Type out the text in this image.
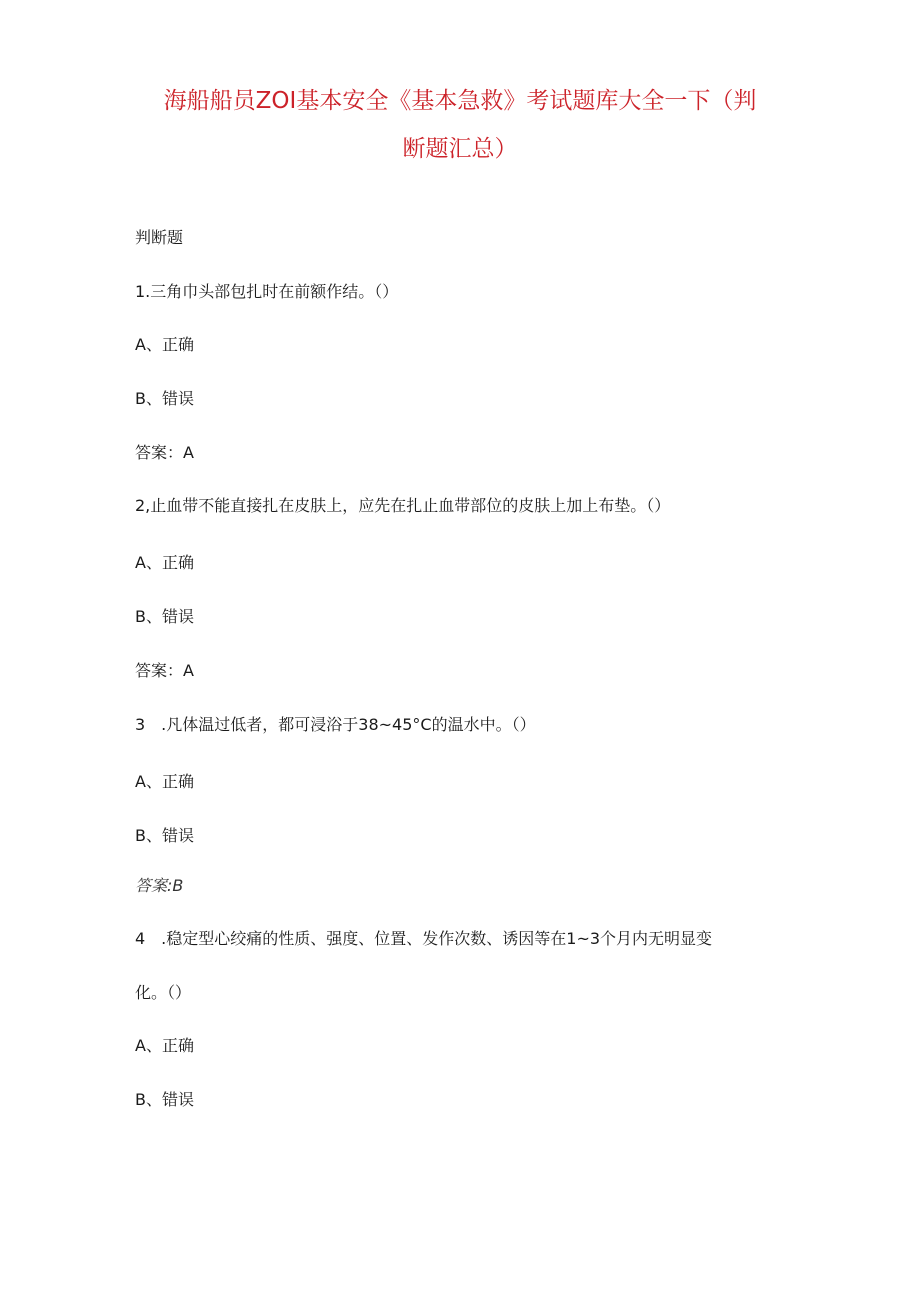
海船船员ZOI基本安全《基本急救》考试题库大全一下（判
断题汇总）
判断题
1.三角巾头部包扎时在前额作结。（）
A、正确
B、错误
答案：A
2,止血带不能直接扎在皮肤上，应先在扎止血带部位的皮肤上加上布垫。（）
A、正确
B、错误
答案：A
3　.凡体温过低者，都可浸浴于38~45°C的温水中。（）
A、正确
B、错误
答案:B
4　.稳定型心绞痛的性质、强度、位置、发作次数、诱因等在1~3个月内无明显变
化。（）
A、正确
B、错误
